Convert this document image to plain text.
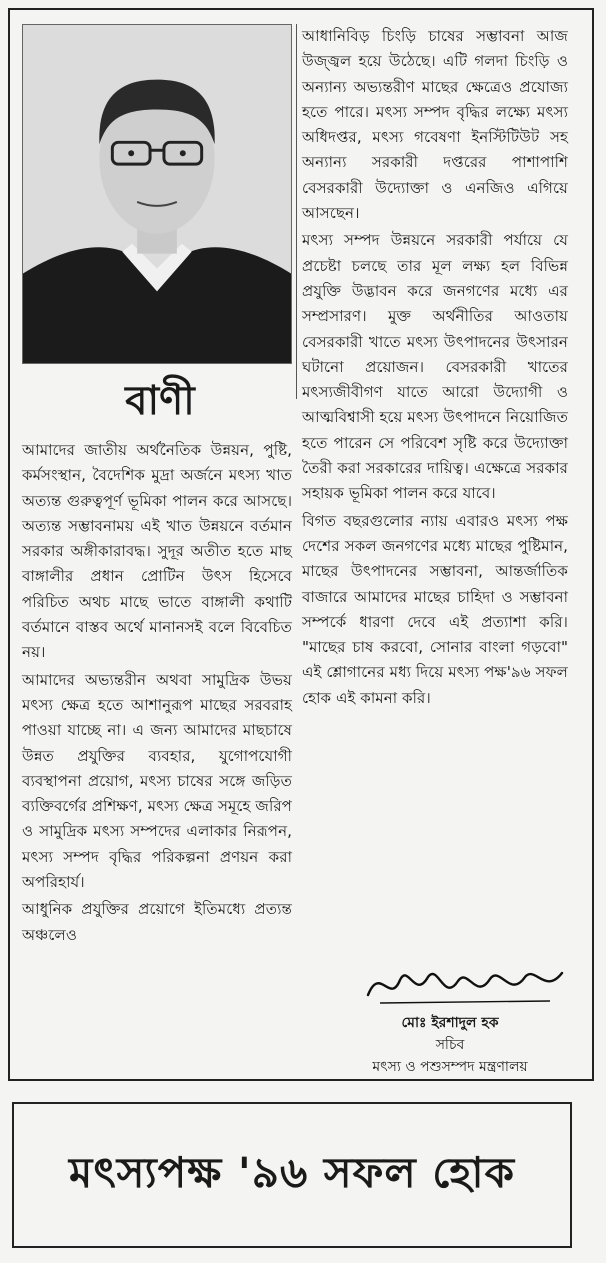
বাণী

আমাদের জাতীয় অর্থনৈতিক উন্নয়ন, পুষ্টি, কর্মসংস্থান, বৈদেশিক মুদ্রা অর্জনে মৎস্য খাত অত্যন্ত গুরুত্বপূর্ণ ভূমিকা পালন করে আসছে। অত্যন্ত সম্ভাবনাময় এই খাত উন্নয়নে বর্তমান সরকার অঙ্গীকারাবদ্ধ। সুদূর অতীত হতে মাছ বাঙ্গালীর প্রধান প্রোটিন উৎস হিসেবে পরিচিত অথচ মাছে ভাতে বাঙ্গালী কথাটি বর্তমানে বাস্তব অর্থে মানানসই বলে বিবেচিত নয়।

আমাদের অভ্যন্তরীন অথবা সামুদ্রিক উভয় মৎস্য ক্ষেত্র হতে আশানুরূপ মাছের সরবরাহ পাওয়া যাচ্ছে না। এ জন্য আমাদের মাছচাষে উন্নত প্রযুক্তির ব্যবহার, যুগোপযোগী ব্যবস্থাপনা প্রয়োগ, মৎস্য চাষের সঙ্গে জড়িত ব্যক্তিবর্গের প্রশিক্ষণ, মৎস্য ক্ষেত্র সমূহে জরিপ ও সামুদ্রিক মৎস্য সম্পদের এলাকার নিরূপন, মৎস্য সম্পদ বৃদ্ধির পরিকল্পনা প্রণয়ন করা অপরিহার্য।

আধুনিক প্রযুক্তির প্রয়োগে ইতিমধ্যে প্রত্যন্ত অঞ্চলেও

আধানিবিড় চিংড়ি চাষের সম্ভাবনা আজ উজ্জ্বল হয়ে উঠেছে। এটি গলদা চিংড়ি ও অন্যান্য অভ্যন্তরীণ মাছের ক্ষেত্রেও প্রযোজ্য হতে পারে। মৎস্য সম্পদ বৃদ্ধির লক্ষ্যে মৎস্য অধিদপ্তর, মৎস্য গবেষণা ইনস্টিটিউট সহ অন্যান্য সরকারী দপ্তরের পাশাপাশি বেসরকারী উদ্যোক্তা ও এনজিও এগিয়ে আসছেন।

মৎস্য সম্পদ উন্নয়নে সরকারী পর্যায়ে যে প্রচেষ্টা চলছে তার মূল লক্ষ্য হল বিভিন্ন প্রযুক্তি উদ্ভাবন করে জনগণের মধ্যে এর সম্প্রসারণ। মুক্ত অর্থনীতির আওতায় বেসরকারী খাতে মৎস্য উৎপাদনের উৎসারন ঘটানো প্রয়োজন। বেসরকারী খাতের মৎস্যজীবীগণ যাতে আরো উদ্যোগী ও আত্মবিশ্বাসী হয়ে মৎস্য উৎপাদনে নিয়োজিত হতে পারেন সে পরিবেশ সৃষ্টি করে উদ্যোক্তা তৈরী করা সরকারের দায়িত্ব। এক্ষেত্রে সরকার সহায়ক ভূমিকা পালন করে যাবে।

বিগত বছরগুলোর ন্যায় এবারও মৎস্য পক্ষ দেশের সকল জনগণের মধ্যে মাছের পুষ্টিমান, মাছের উৎপাদনের সম্ভাবনা, আন্তর্জাতিক বাজারে আমাদের মাছের চাহিদা ও সম্ভাবনা সম্পর্কে ধারণা দেবে এই প্রত্যাশা করি। "মাছের চাষ করবো, সোনার বাংলা গড়বো" এই শ্লোগানের মধ্য দিয়ে মৎস্য পক্ষ'৯৬ সফল হোক এই কামনা করি।

মোঃ ইরশাদুল হক
সচিব
মৎস্য ও পশুসম্পদ মন্ত্রণালয়
মৎস্যপক্ষ '৯৬ সফল হোক
